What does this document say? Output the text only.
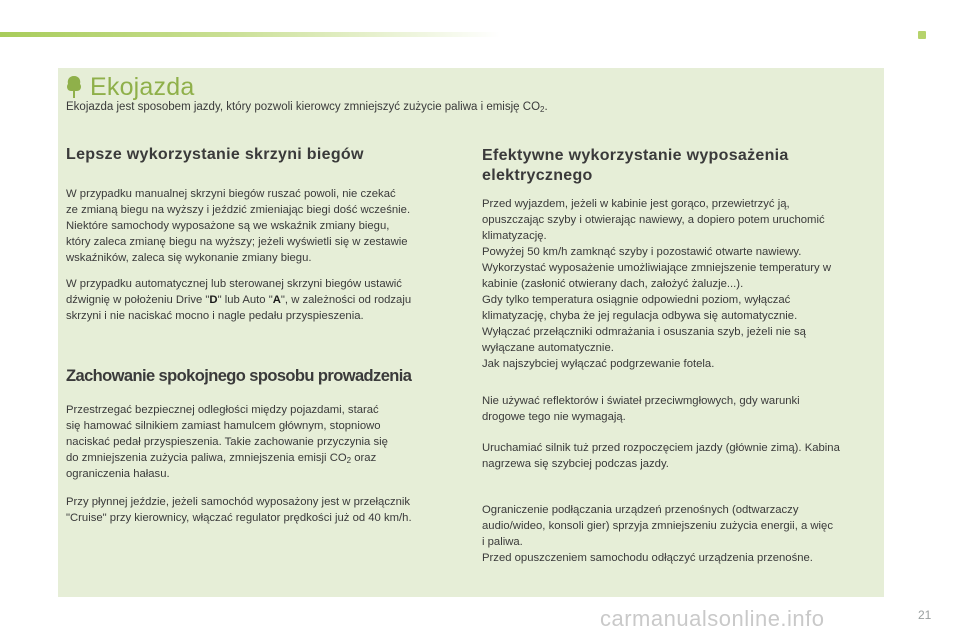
Ekojazda
Ekojazda jest sposobem jazdy, który pozwoli kierowcy zmniejszyć zużycie paliwa i emisję $CO_2$.
Lepsze wykorzystanie skrzyni biegów

W przypadku manualnej skrzyni biegów ruszać powoli, nie czekać
ze zmianą biegu na wyższy i jeździć zmieniając biegi dość wcześnie.
Niektóre samochody wyposażone są we wskaźnik zmiany biegu,
który zaleca zmianę biegu na wyższy; jeżeli wyświetli się w zestawie
wskaźników, zaleca się wykonanie zmiany biegu.

W przypadku automatycznej lub sterowanej skrzyni biegów ustawić
dźwignię w położeniu Drive "D" lub Auto "A", w zależności od rodzaju
skrzyni i nie naciskać mocno i nagle pedału przyspieszenia.

Zachowanie spokojnego sposobu prowadzenia

Przestrzegać bezpiecznej odległości między pojazdami, starać
się hamować silnikiem zamiast hamulcem głównym, stopniowo
naciskać pedał przyspieszenia. Takie zachowanie przyczynia się
do zmniejszenia zużycia paliwa, zmniejszenia emisji $CO_2$ oraz
ograniczenia hałasu.

Przy płynnej jeździe, jeżeli samochód wyposażony jest w przełącznik
"Cruise" przy kierownicy, włączać regulator prędkości już od 40 km/h.

Efektywne wykorzystanie wyposażenia
elektrycznego

Przed wyjazdem, jeżeli w kabinie jest gorąco, przewietrzyć ją,
opuszczając szyby i otwierając nawiewy, a dopiero potem uruchomić
klimatyzację.
Powyżej 50 km/h zamknąć szyby i pozostawić otwarte nawiewy.
Wykorzystać wyposażenie umożliwiające zmniejszenie temperatury w
kabinie (zasłonić otwierany dach, założyć żaluzje...).
Gdy tylko temperatura osiągnie odpowiedni poziom, wyłączać
klimatyzację, chyba że jej regulacja odbywa się automatycznie.
Wyłączać przełączniki odmrażania i osuszania szyb, jeżeli nie są
wyłączane automatycznie.
Jak najszybciej wyłączać podgrzewanie fotela.

Nie używać reflektorów i świateł przeciwmgłowych, gdy warunki
drogowe tego nie wymagają.

Uruchamiać silnik tuż przed rozpoczęciem jazdy (głównie zimą). Kabina
nagrzewa się szybciej podczas jazdy.

Ograniczenie podłączania urządzeń przenośnych (odtwarzaczy
audio/wideo, konsoli gier) sprzyja zmniejszeniu zużycia energii, a więc
i paliwa.
Przed opuszczeniem samochodu odłączyć urządzenia przenośne.

carmanualsonline.info	21
